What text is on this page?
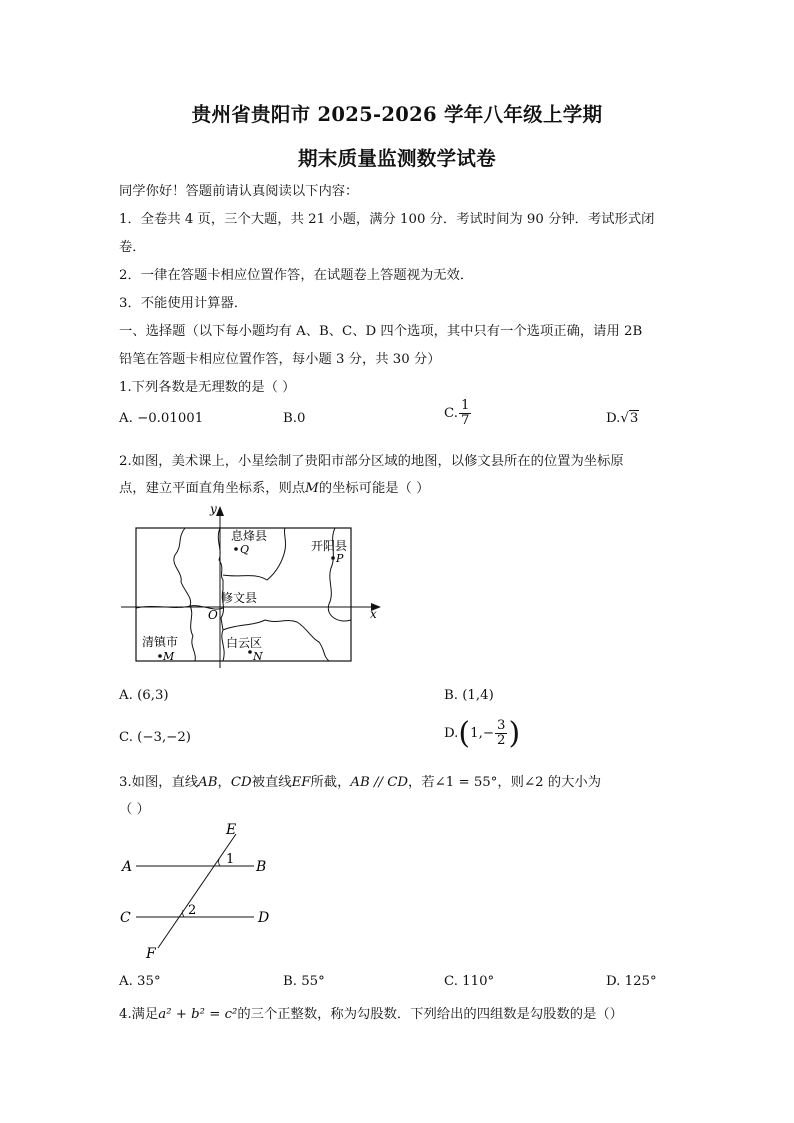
贵州省贵阳市 2025-2026 学年八年级上学期
期末质量监测数学试卷
同学你好！答题前请认真阅读以下内容：
1．全卷共 4 页，三个大题，共 21 小题，满分 100 分．考试时间为 90 分钟．考试形式闭
卷．
2．一律在答题卡相应位置作答，在试题卷上答题视为无效．
3．不能使用计算器．
一、选择题（以下每小题均有 A、B、C、D 四个选项，其中只有一个选项正确，请用 2B
铅笔在答题卡相应位置作答，每小题 3 分，共 30 分）
1.下列各数是无理数的是（ ）
A. −0.01001	B.0	C. $\frac{1}{7}$	D.√3
2.如图，美术课上，小星绘制了贵阳市部分区域的地图，以修文县所在的位置为坐标原
点，建立平面直角坐标系，则点M的坐标可能是（ ）
y
x
O
息烽县
Q	开阳县
P
修文县
清镇市
M
白云区
N
A. (6,3)	B. (1,4)
C. (−3,−2)	$D.(1,- \frac{3}{2}$ )
3.如图，直线AB，CD被直线EF所截，AB // CD，若∠1 = 55°，则∠2 的大小为
（ ）
E
A	B
C	D
F
1
2
A. 35°	B. 55°	C. 110°	D. 125°
4.满足a² + b² = c²的三个正整数，称为勾股数．下列给出的四组数是勾股数的是（）
